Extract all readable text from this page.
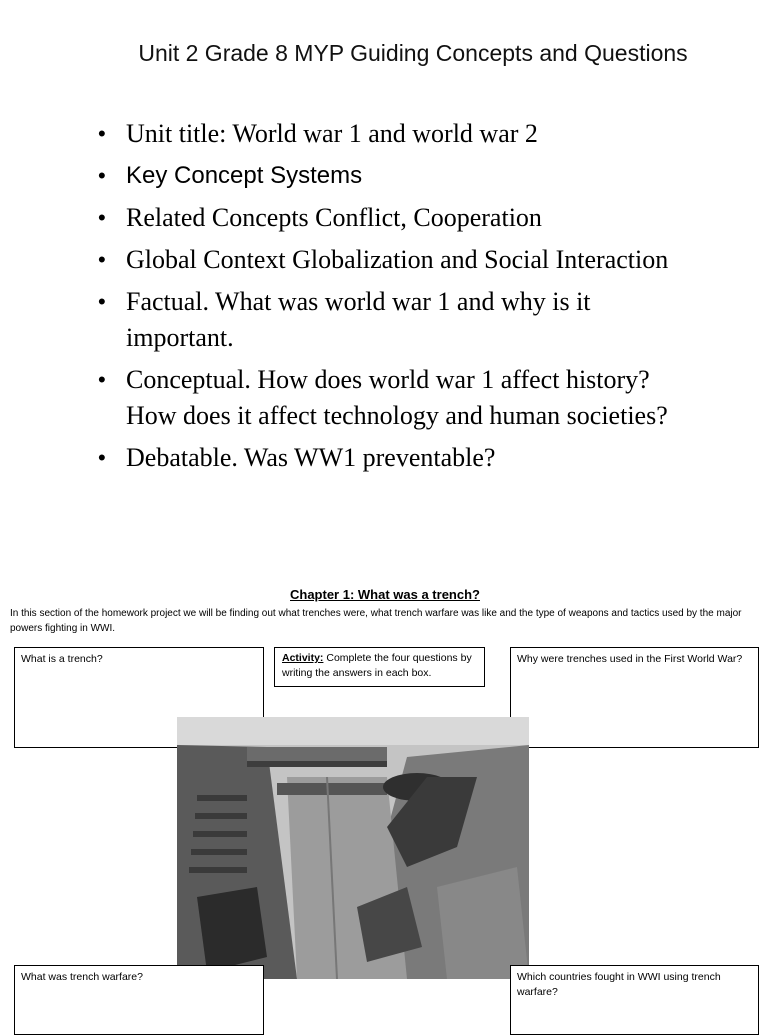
Unit 2 Grade 8 MYP Guiding Concepts and Questions
• Unit title: World war 1 and world war 2
• Key Concept Systems
• Related Concepts Conflict, Cooperation
• Global Context Globalization and Social Interaction
• Factual. What was world war 1 and why is it important.
• Conceptual. How does world war 1 affect history? How does it affect technology and human societies?
• Debatable. Was WW1 preventable?
Chapter 1: What was a trench?
In this section of the homework project we will be finding out what trenches were, what trench warfare was like and the type of weapons and tactics used by the major powers fighting in WWI.
What is a trench?	Activity: Complete the four questions by writing the answers in each box.
Why were trenches used in the First World War?
What was trench warfare?	Which countries fought in WWI using trench warfare?
